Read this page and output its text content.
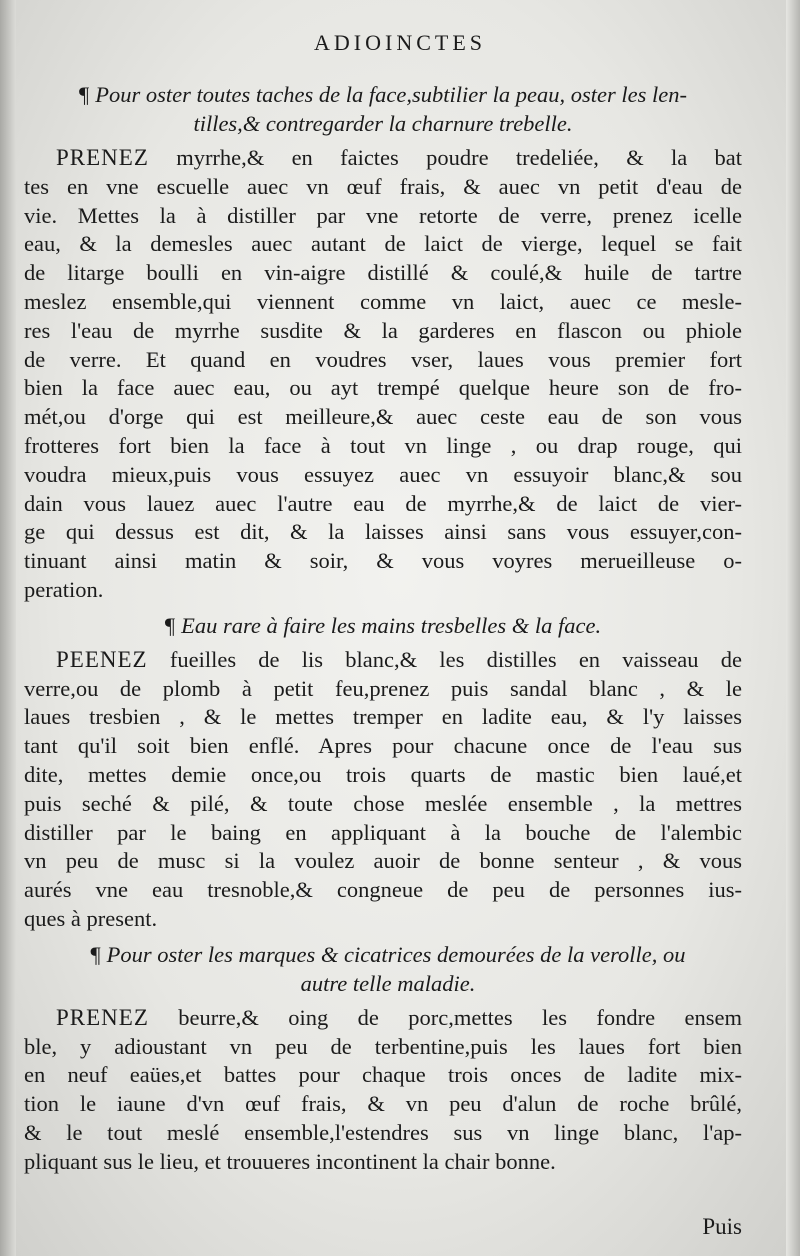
ADIOINCTES
¶ Pour oster toutes taches de la face,subtilier la peau, oster les len-
tilles,& contregarder la charnure trebelle.
PRENEZ myrrhe,& en faictes poudre tredeliée, & la bat
tes en vne escuelle auec vn œuf frais, & auec vn petit d'eau de
vie. Mettes la à distiller par vne retorte de verre, prenez icelle
eau, & la demesles auec autant de laict de vierge, lequel se fait
de litarge boulli en vin-aigre distillé & coulé,& huile de tartre
meslez ensemble,qui viennent comme vn laict, auec ce mesle-
res l'eau de myrrhe susdite & la garderes en flascon ou phiole
de verre. Et quand en voudres vser, laues vous premier fort
bien la face auec eau, ou ayt trempé quelque heure son de fro-
mét,ou d'orge qui est meilleure,& auec ceste eau de son vous
frotteres fort bien la face à tout vn linge , ou drap rouge, qui
voudra mieux,puis vous essuyez auec vn essuyoir blanc,& sou
dain vous lauez auec l'autre eau de myrrhe,& de laict de vier-
ge qui dessus est dit, & la laisses ainsi sans vous essuyer,con-
tinuant ainsi matin & soir, & vous voyres merueilleuse o-
peration.
¶ Eau rare à faire les mains tresbelles & la face.
PEENEZ fueilles de lis blanc,& les distilles en vaisseau de
verre,ou de plomb à petit feu,prenez puis sandal blanc , & le
laues tresbien , & le mettes tremper en ladite eau, & l'y laisses
tant qu'il soit bien enflé. Apres pour chacune once de l'eau sus
dite, mettes demie once,ou trois quarts de mastic bien laué,et
puis seché & pilé, & toute chose meslée ensemble , la mettres
distiller par le baing en appliquant à la bouche de l'alembic
vn peu de musc si la voulez auoir de bonne senteur , & vous
aurés vne eau tresnoble,& congneue de peu de personnes ius-
ques à present.
¶ Pour oster les marques & cicatrices demourées de la verolle, ou
autre telle maladie.
PRENEZ beurre,& oing de porc,mettes les fondre ensem
ble, y adioustant vn peu de terbentine,puis les laues fort bien
en neuf eaües,et battes pour chaque trois onces de ladite mix-
tion le iaune d'vn œuf frais, & vn peu d'alun de roche brûlé,
& le tout meslé ensemble,l'estendres sus vn linge blanc, l'ap-
pliquant sus le lieu, et trouueres incontinent la chair bonne.
Puis
